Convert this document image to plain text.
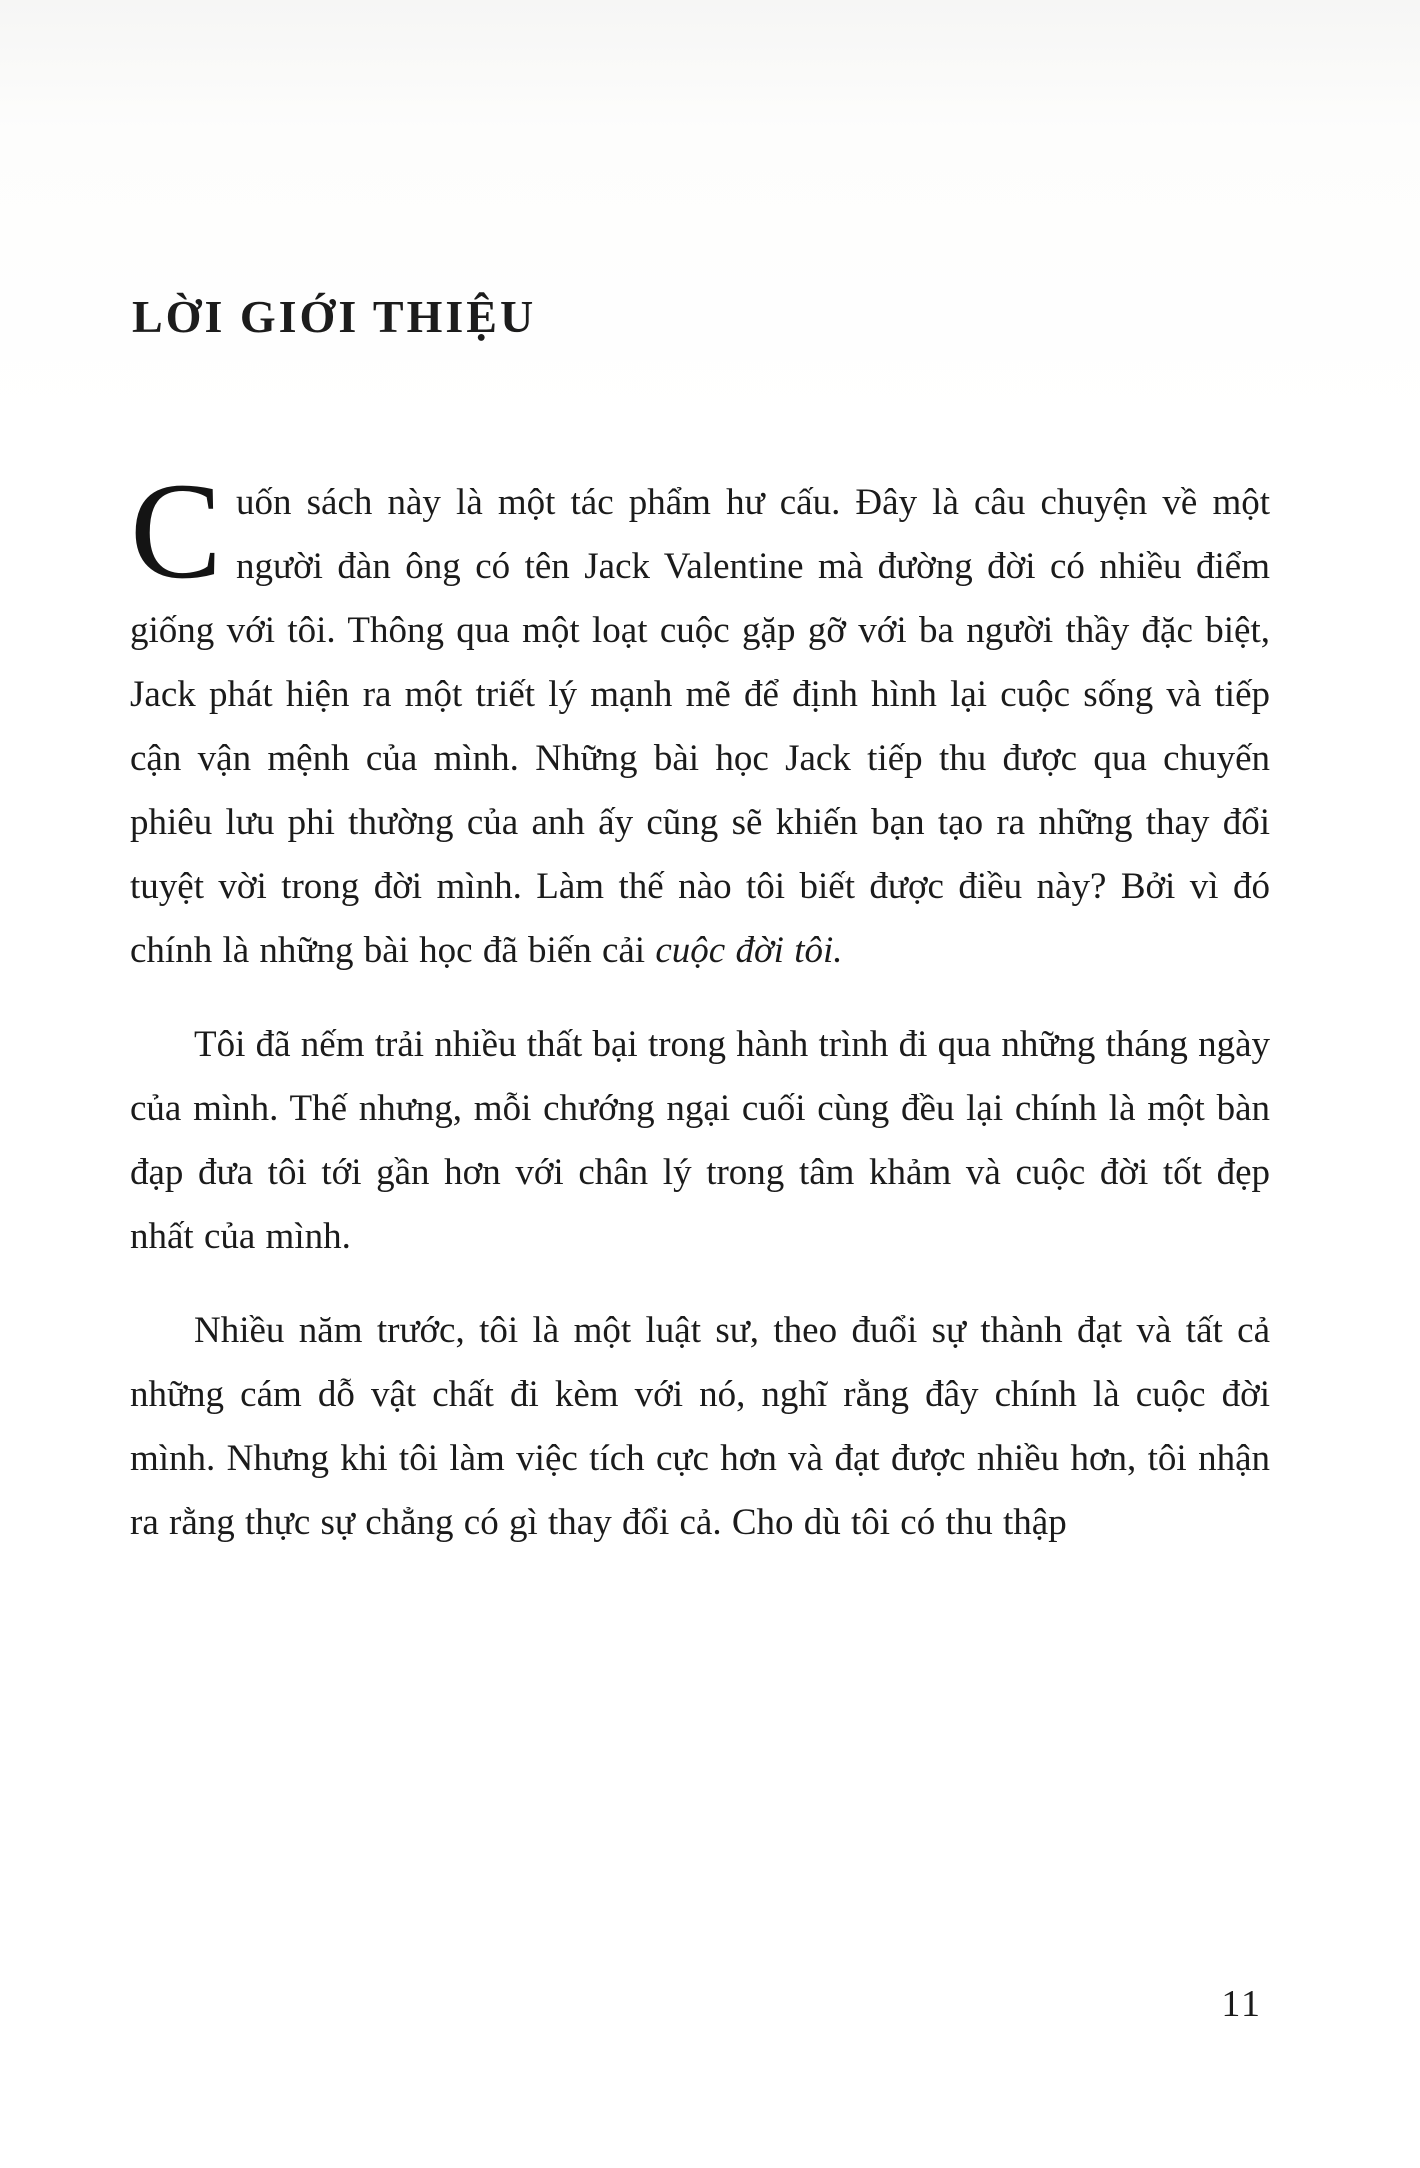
LỜI GIỚI THIỆU

Cuốn sách này là một tác phẩm hư cấu. Đây là câu chuyện về một người đàn ông có tên Jack Valentine mà đường đời có nhiều điểm giống với tôi. Thông qua một loạt cuộc gặp gỡ với ba người thầy đặc biệt, Jack phát hiện ra một triết lý mạnh mẽ để định hình lại cuộc sống và tiếp cận vận mệnh của mình. Những bài học Jack tiếp thu được qua chuyến phiêu lưu phi thường của anh ấy cũng sẽ khiến bạn tạo ra những thay đổi tuyệt vời trong đời mình. Làm thế nào tôi biết được điều này? Bởi vì đó chính là những bài học đã biến cải cuộc đời tôi.

Tôi đã nếm trải nhiều thất bại trong hành trình đi qua những tháng ngày của mình. Thế nhưng, mỗi chướng ngại cuối cùng đều lại chính là một bàn đạp đưa tôi tới gần hơn với chân lý trong tâm khảm và cuộc đời tốt đẹp nhất của mình.

Nhiều năm trước, tôi là một luật sư, theo đuổi sự thành đạt và tất cả những cám dỗ vật chất đi kèm với nó, nghĩ rằng đây chính là cuộc đời mình. Nhưng khi tôi làm việc tích cực hơn và đạt được nhiều hơn, tôi nhận ra rằng thực sự chẳng có gì thay đổi cả. Cho dù tôi có thu thập

11
